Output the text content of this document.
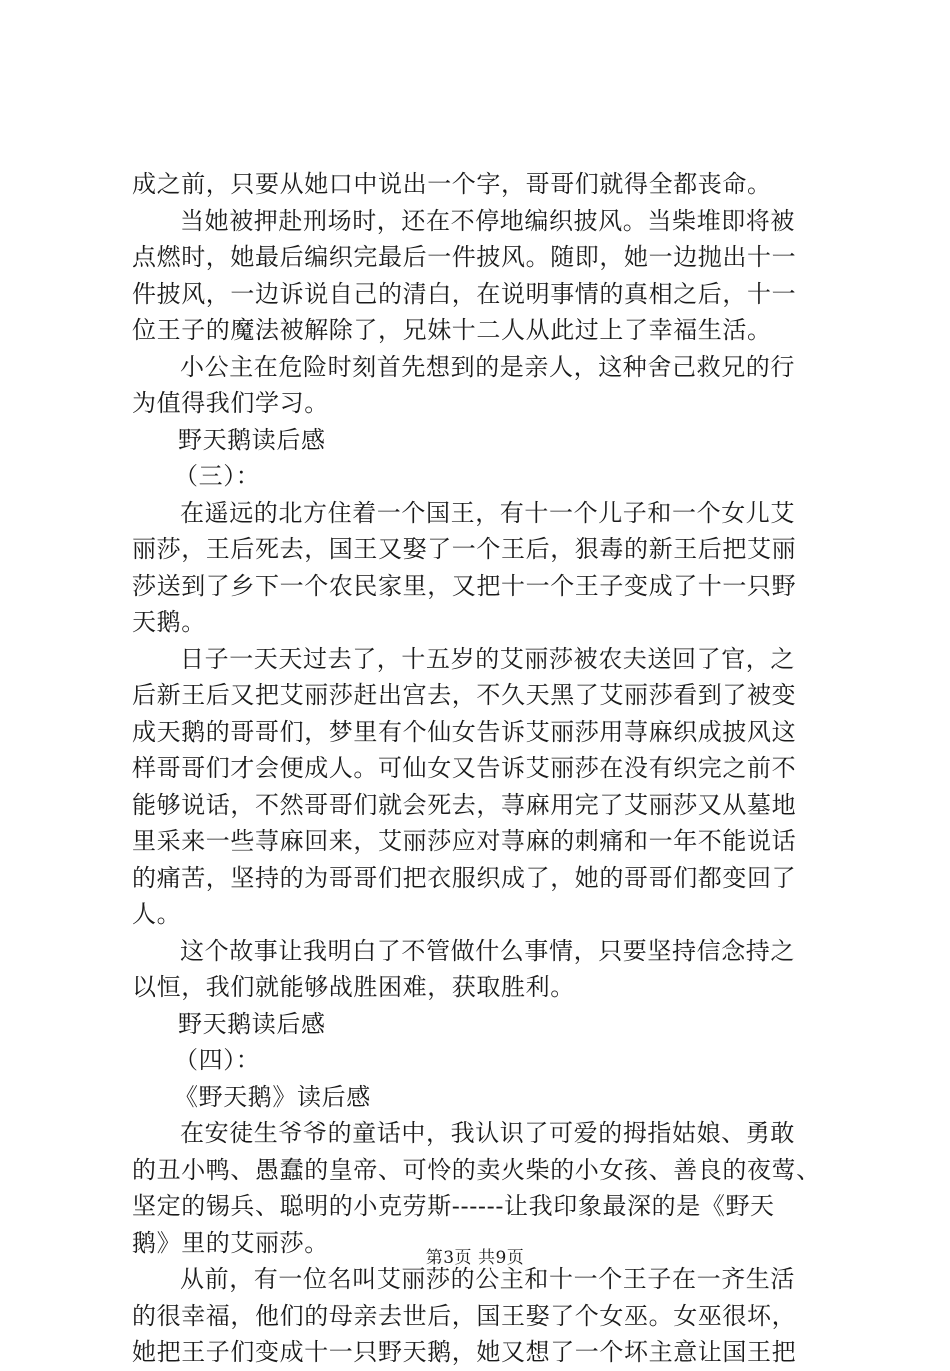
成之前，只要从她口中说出一个字，哥哥们就得全都丧命。
当她被押赴刑场时，还在不停地编织披风。当柴堆即将被
点燃时，她最后编织完最后一件披风。随即，她一边抛出十一
件披风，一边诉说自己的清白，在说明事情的真相之后，十一
位王子的魔法被解除了，兄妹十二人从此过上了幸福生活。
小公主在危险时刻首先想到的是亲人，这种舍己救兄的行
为值得我们学习。
野天鹅读后感
（三）：
在遥远的北方住着一个国王，有十一个儿子和一个女儿艾
丽莎，王后死去，国王又娶了一个王后，狠毒的新王后把艾丽
莎送到了乡下一个农民家里，又把十一个王子变成了十一只野
天鹅。
日子一天天过去了，十五岁的艾丽莎被农夫送回了官，之
后新王后又把艾丽莎赶出宫去，不久天黑了艾丽莎看到了被变
成天鹅的哥哥们，梦里有个仙女告诉艾丽莎用荨麻织成披风这
样哥哥们才会便成人。可仙女又告诉艾丽莎在没有织完之前不
能够说话，不然哥哥们就会死去，荨麻用完了艾丽莎又从墓地
里采来一些荨麻回来，艾丽莎应对荨麻的刺痛和一年不能说话
的痛苦，坚持的为哥哥们把衣服织成了，她的哥哥们都变回了
人。
这个故事让我明白了不管做什么事情，只要坚持信念持之
以恒，我们就能够战胜困难，获取胜利。
野天鹅读后感
（四）：
《野天鹅》读后感
在安徒生爷爷的童话中，我认识了可爱的拇指姑娘、勇敢
的丑小鸭、愚蠢的皇帝、可怜的卖火柴的小女孩、善良的夜莺、
坚定的锡兵、聪明的小克劳斯------让我印象最深的是《野天
鹅》里的艾丽莎。
从前，有一位名叫艾丽莎的公主和十一个王子在一齐生活
的很幸福，他们的母亲去世后，国王娶了个女巫。女巫很坏，
她把王子们变成十一只野天鹅，她又想了一个坏主意让国王把
第3页 共9页
